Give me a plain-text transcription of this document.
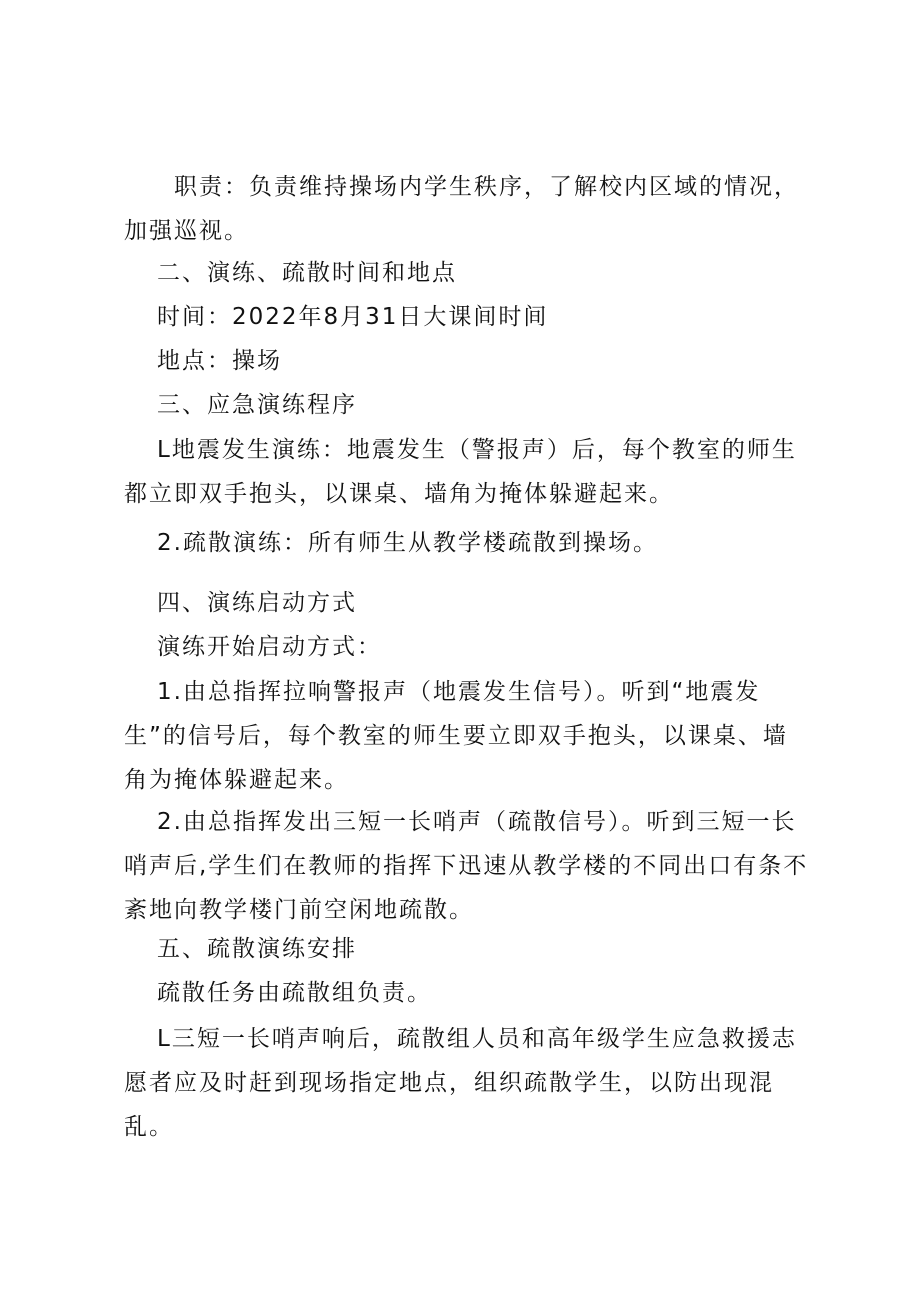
职责：负责维持操场内学生秩序，了解校内区域的情况，加强巡视。

二、演练、疏散时间和地点

时间：2022年8月31日大课间时间

地点：操场

三、应急演练程序

L地震发生演练：地震发生（警报声）后，每个教室的师生都立即双手抱头，以课桌、墙角为掩体躲避起来。

2.疏散演练：所有师生从教学楼疏散到操场。

四、演练启动方式

演练开始启动方式：

1.由总指挥拉响警报声（地震发生信号）。听到“地震发生”的信号后，每个教室的师生要立即双手抱头，以课桌、墙角为掩体躲避起来。

2.由总指挥发出三短一长哨声（疏散信号）。听到三短一长哨声后,学生们在教师的指挥下迅速从教学楼的不同出口有条不紊地向教学楼门前空闲地疏散。

五、疏散演练安排

疏散任务由疏散组负责。

L三短一长哨声响后，疏散组人员和高年级学生应急救援志愿者应及时赶到现场指定地点，组织疏散学生，以防出现混乱。
